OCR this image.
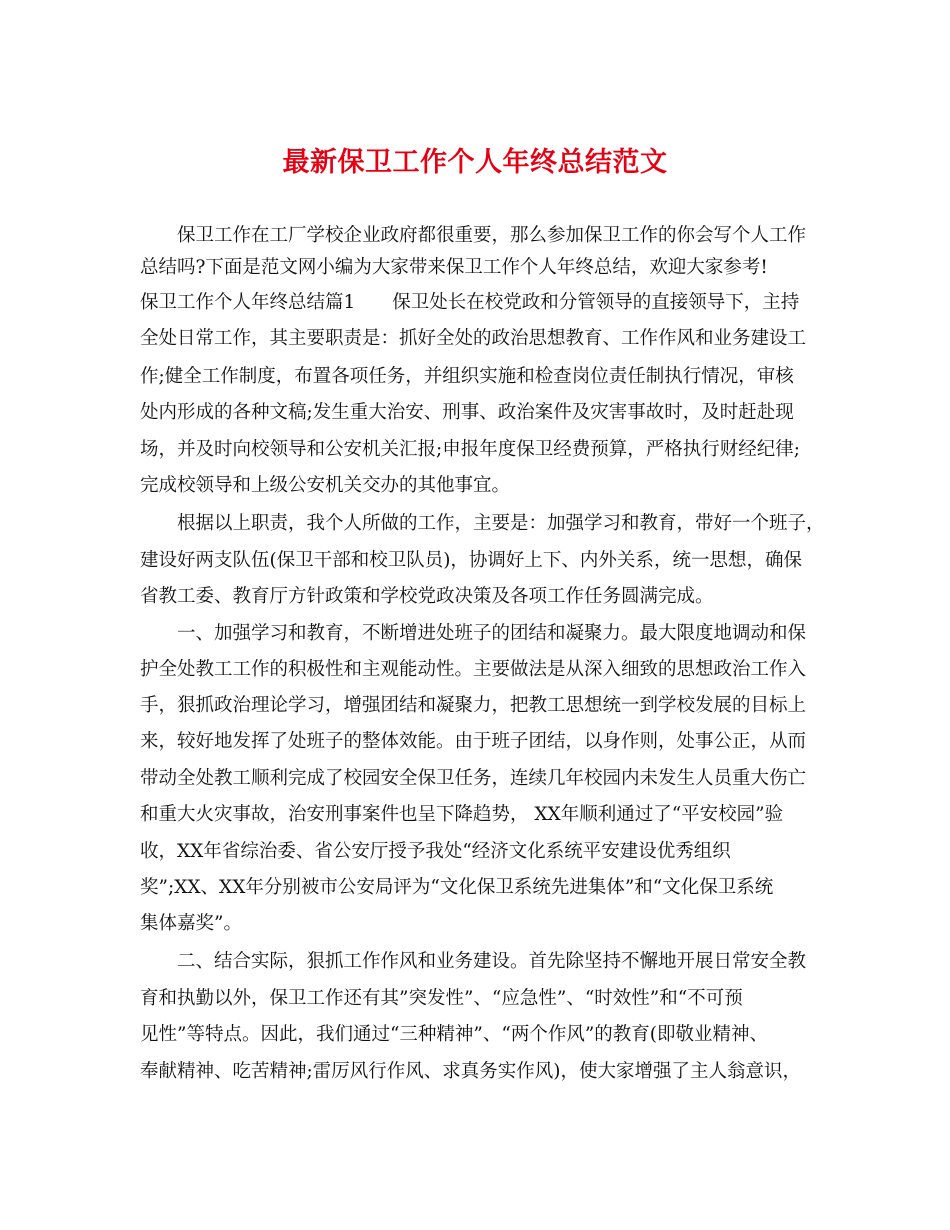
最新保卫工作个人年终总结范文

保卫工作在工厂学校企业政府都很重要，那么参加保卫工作的你会写个人工作

总结吗?下面是范文网小编为大家带来保卫工作个人年终总结，欢迎大家参考!

保卫工作个人年终总结篇1　　保卫处长在校党政和分管领导的直接领导下，主持

全处日常工作，其主要职责是：抓好全处的政治思想教育、工作作风和业务建设工

作;健全工作制度，布置各项任务，并组织实施和检查岗位责任制执行情况，审核

处内形成的各种文稿;发生重大治安、刑事、政治案件及灾害事故时，及时赶赴现

场，并及时向校领导和公安机关汇报;申报年度保卫经费预算，严格执行财经纪律;

完成校领导和上级公安机关交办的其他事宜。

根据以上职责，我个人所做的工作，主要是：加强学习和教育，带好一个班子，

建设好两支队伍(保卫干部和校卫队员)，协调好上下、内外关系，统一思想，确保

省教工委、教育厅方针政策和学校党政决策及各项工作任务圆满完成。

一、加强学习和教育，不断增进处班子的团结和凝聚力。最大限度地调动和保

护全处教工工作的积极性和主观能动性。主要做法是从深入细致的思想政治工作入

手，狠抓政治理论学习，增强团结和凝聚力，把教工思想统一到学校发展的目标上

来，较好地发挥了处班子的整体效能。由于班子团结，以身作则，处事公正，从而

带动全处教工顺利完成了校园安全保卫任务，连续几年校园内未发生人员重大伤亡

和重大火灾事故，治安刑事案件也呈下降趋势， XX年顺利通过了“平安校园”验

收，XX年省综治委、省公安厅授予我处“经济文化系统平安建设优秀组织

奖”;XX、XX年分别被市公安局评为“文化保卫系统先进集体”和“文化保卫系统

集体嘉奖”。

二、结合实际，狠抓工作作风和业务建设。首先除坚持不懈地开展日常安全教

育和执勤以外，保卫工作还有其”突发性”、“应急性”、“时效性”和“不可预

见性”等特点。因此，我们通过“三种精神”、“两个作风”的教育(即敬业精神、

奉献精神、吃苦精神;雷厉风行作风、求真务实作风)，使大家增强了主人翁意识，
